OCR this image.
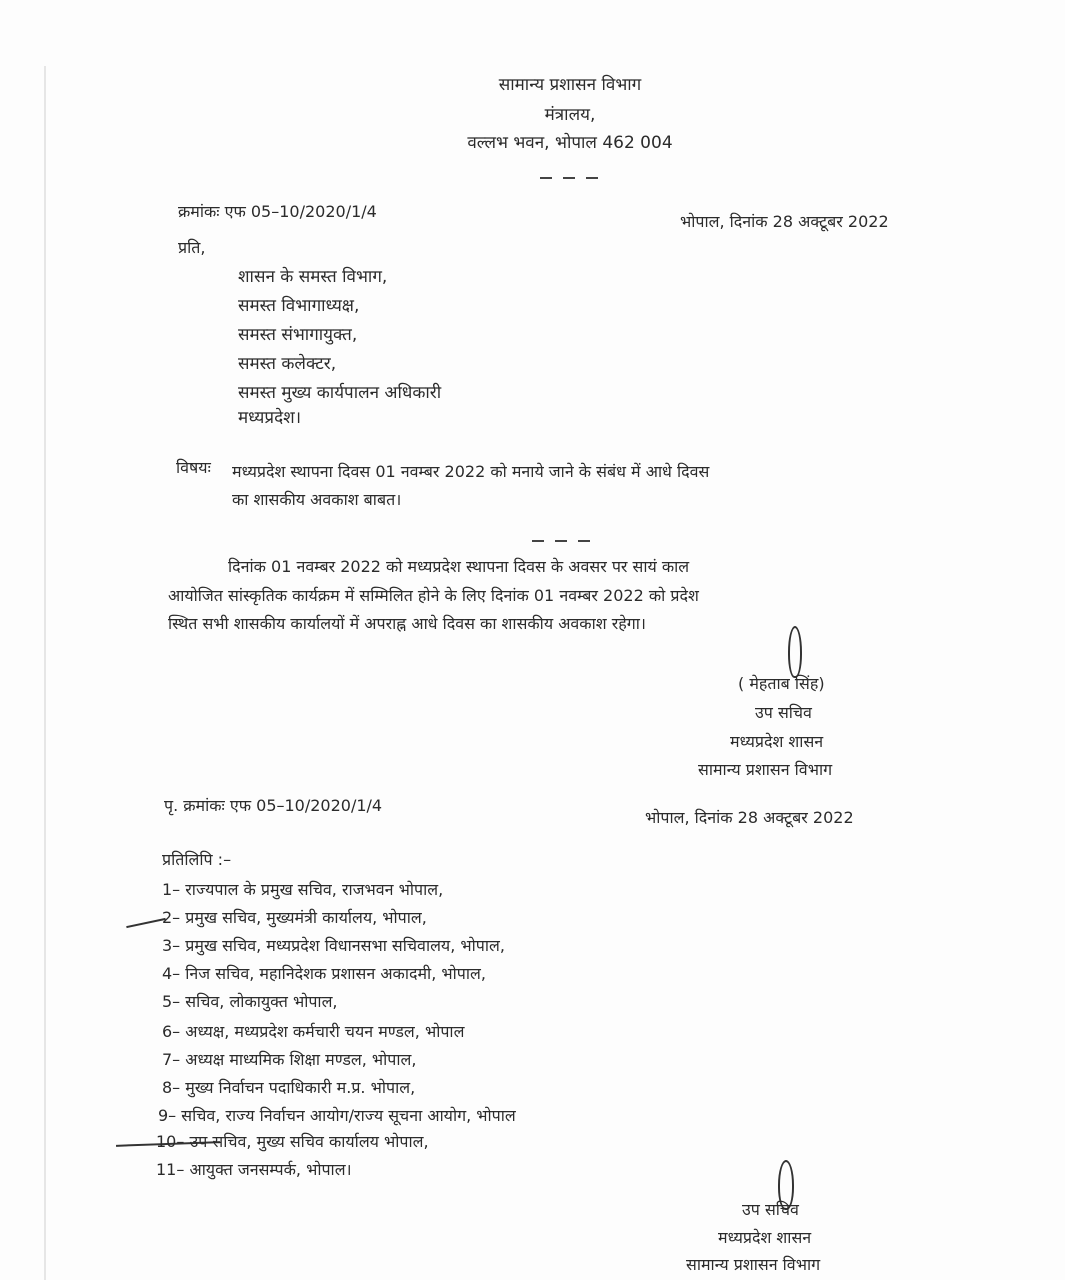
सामान्य प्रशासन विभाग
मंत्रालय,
वल्लभ भवन, भोपाल 462 004
क्रमांकः एफ 05–10/2020/1/4
भोपाल, दिनांक 28 अक्टूबर 2022
प्रति,
शासन के समस्त विभाग,
समस्त विभागाध्यक्ष,
समस्त संभागायुक्त,
समस्त कलेक्टर,
समस्त मुख्य कार्यपालन अधिकारी
मध्यप्रदेश।
विषयः मध्यप्रदेश स्थापना दिवस 01 नवम्बर 2022 को मनाये जाने के संबंध में आधे दिवस
का शासकीय अवकाश बाबत।
दिनांक 01 नवम्बर 2022 को मध्यप्रदेश स्थापना दिवस के अवसर पर सायं काल
आयोजित सांस्कृतिक कार्यक्रम में सम्मिलित होने के लिए दिनांक 01 नवम्बर 2022 को प्रदेश
स्थित सभी शासकीय कार्यालयों में अपराह्न आधे दिवस का शासकीय अवकाश रहेगा।
( मेहताब सिंह)
उप सचिव
मध्यप्रदेश शासन
सामान्य प्रशासन विभाग
पृ. क्रमांकः एफ 05–10/2020/1/4
भोपाल, दिनांक 28 अक्टूबर 2022
प्रतिलिपि :–
1– राज्यपाल के प्रमुख सचिव, राजभवन भोपाल,
2– प्रमुख सचिव, मुख्यमंत्री कार्यालय, भोपाल,
3– प्रमुख सचिव, मध्यप्रदेश विधानसभा सचिवालय, भोपाल,
4– निज सचिव, महानिदेशक प्रशासन अकादमी, भोपाल,
5– सचिव, लोकायुक्त भोपाल,
6– अध्यक्ष, मध्यप्रदेश कर्मचारी चयन मण्डल, भोपाल
7– अध्यक्ष माध्यमिक शिक्षा मण्डल, भोपाल,
8– मुख्य निर्वाचन पदाधिकारी म.प्र. भोपाल,
9– सचिव, राज्य निर्वाचन आयोग/राज्य सूचना आयोग, भोपाल
10– उप सचिव, मुख्य सचिव कार्यालय भोपाल,
11– आयुक्त जनसम्पर्क, भोपाल।
उप सचिव
मध्यप्रदेश शासन
सामान्य प्रशासन विभाग
